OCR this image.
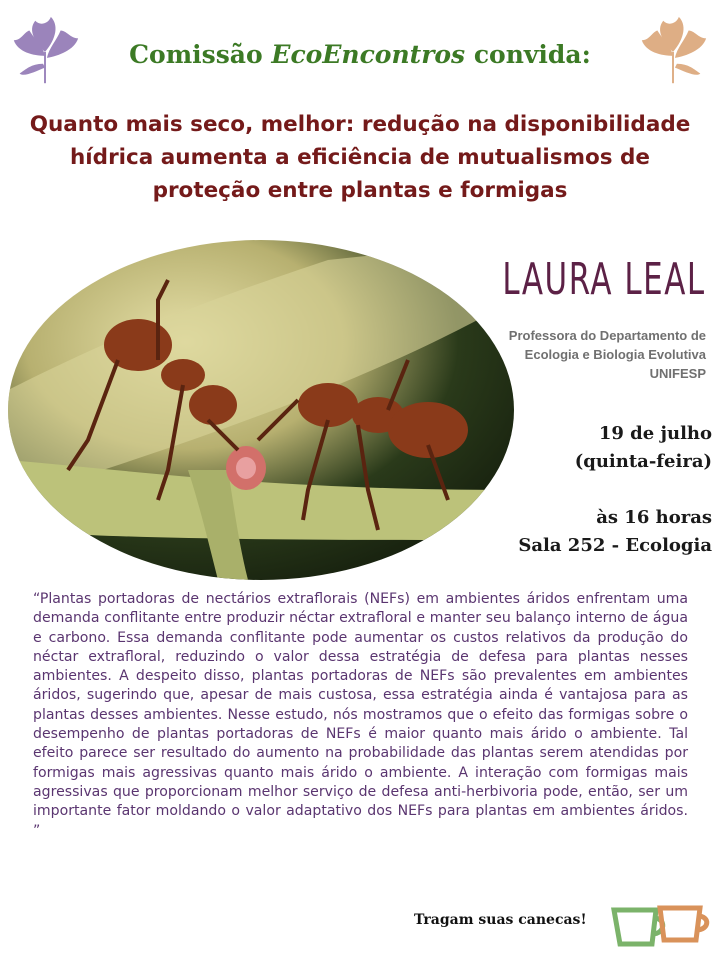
Comissão EcoEncontros convida:
Quanto mais seco, melhor: redução na disponibilidade hídrica aumenta a eficiência de mutualismos de proteção entre plantas e formigas
LAURA LEAL
Professora do Departamento de
Ecologia e Biologia Evolutiva
UNIFESP
19 de julho
(quinta-feira)
às 16 horas
Sala 252 - Ecologia
“Plantas portadoras de nectários extraflorais (NEFs) em ambientes áridos enfrentam uma demanda conflitante entre produzir néctar extrafloral e manter seu balanço interno de água e carbono. Essa demanda conflitante pode aumentar os custos relativos da produção do néctar extrafloral, reduzindo o valor dessa estratégia de defesa para plantas nesses ambientes. A despeito disso, plantas portadoras de NEFs são prevalentes em ambientes áridos, sugerindo que, apesar de mais custosa, essa estratégia ainda é vantajosa para as plantas desses ambientes. Nesse estudo, nós mostramos que o efeito das formigas sobre o desempenho de plantas portadoras de NEFs é maior quanto mais árido o ambiente. Tal efeito parece ser resultado do aumento na probabilidade das plantas serem atendidas por formigas mais agressivas quanto mais árido o ambiente. A interação com formigas mais agressivas que proporcionam melhor serviço de defesa anti-herbivoria pode, então, ser um importante fator moldando o valor adaptativo dos NEFs para plantas em ambientes áridos. ”
Tragam suas canecas!
